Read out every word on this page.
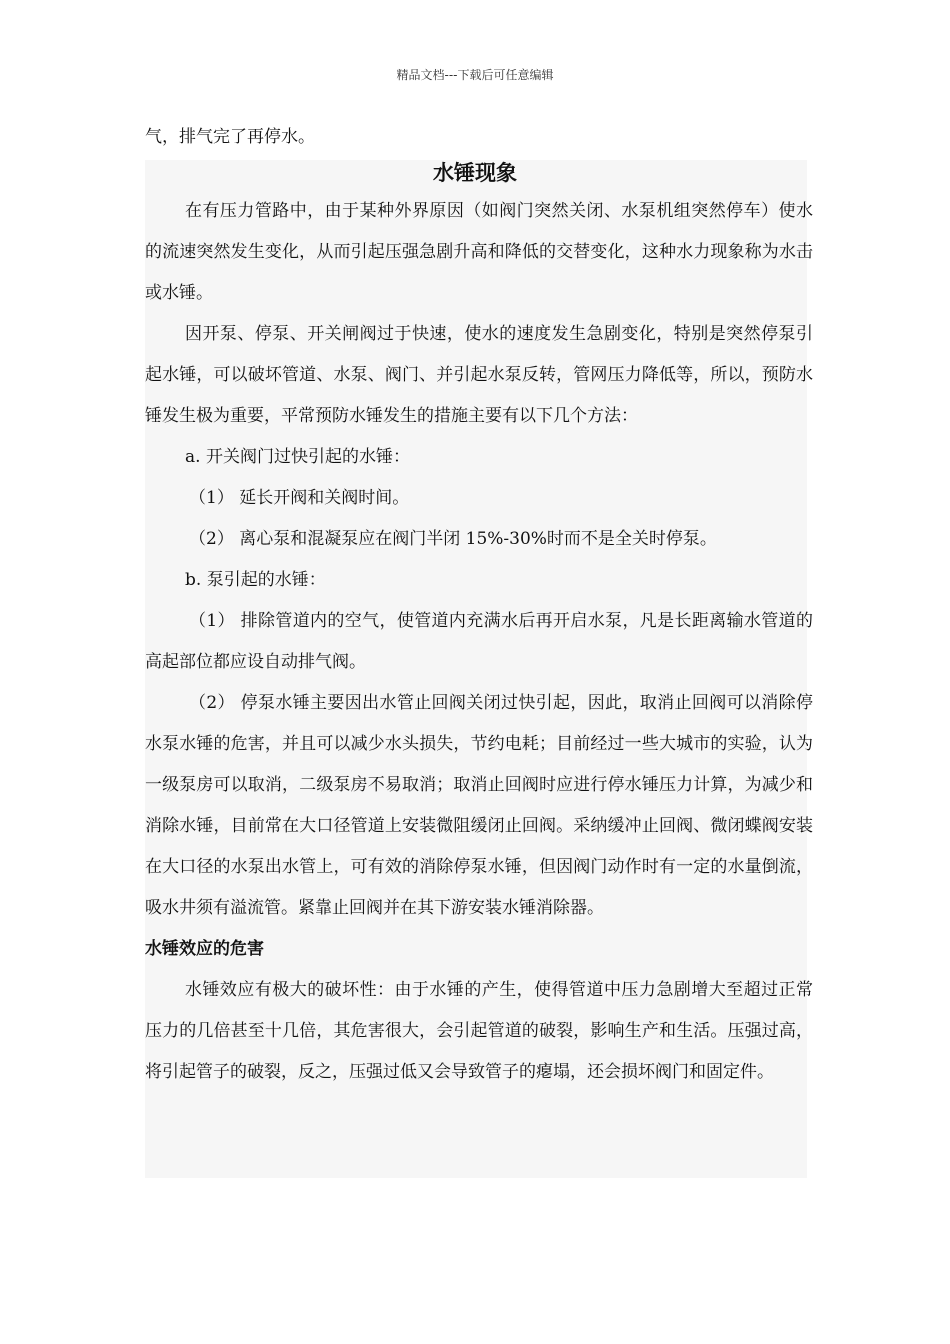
精品文档---下载后可任意编辑
气，排气完了再停水。
水锤现象

在有压力管路中，由于某种外界原因（如阀门突然关闭、水泵机组突然停车）使水的流速突然发生变化，从而引起压强急剧升高和降低的交替变化，这种水力现象称为水击或水锤。

因开泵、停泵、开关闸阀过于快速，使水的速度发生急剧变化，特别是突然停泵引起水锤，可以破坏管道、水泵、阀门、并引起水泵反转，管网压力降低等，所以，预防水锤发生极为重要，平常预防水锤发生的措施主要有以下几个方法：

a. 开关阀门过快引起的水锤：

（1） 延长开阀和关阀时间。

（2） 离心泵和混凝泵应在阀门半闭 15%-30%时而不是全关时停泵。

b. 泵引起的水锤：

（1） 排除管道内的空气，使管道内充满水后再开启水泵，凡是长距离输水管道的高起部位都应设自动排气阀。

（2） 停泵水锤主要因出水管止回阀关闭过快引起，因此，取消止回阀可以消除停水泵水锤的危害，并且可以减少水头损失，节约电耗；目前经过一些大城市的实验，认为一级泵房可以取消，二级泵房不易取消；取消止回阀时应进行停水锤压力计算，为减少和消除水锤，目前常在大口径管道上安装微阻缓闭止回阀。采纳缓冲止回阀、微闭蝶阀安装在大口径的水泵出水管上，可有效的消除停泵水锤，但因阀门动作时有一定的水量倒流，吸水井须有溢流管。紧靠止回阀并在其下游安装水锤消除器。

水锤效应的危害

水锤效应有极大的破坏性：由于水锤的产生，使得管道中压力急剧增大至超过正常压力的几倍甚至十几倍，其危害很大，会引起管道的破裂，影响生产和生活。压强过高，将引起管子的破裂，反之，压强过低又会导致管子的瘪塌，还会损坏阀门和固定件。
